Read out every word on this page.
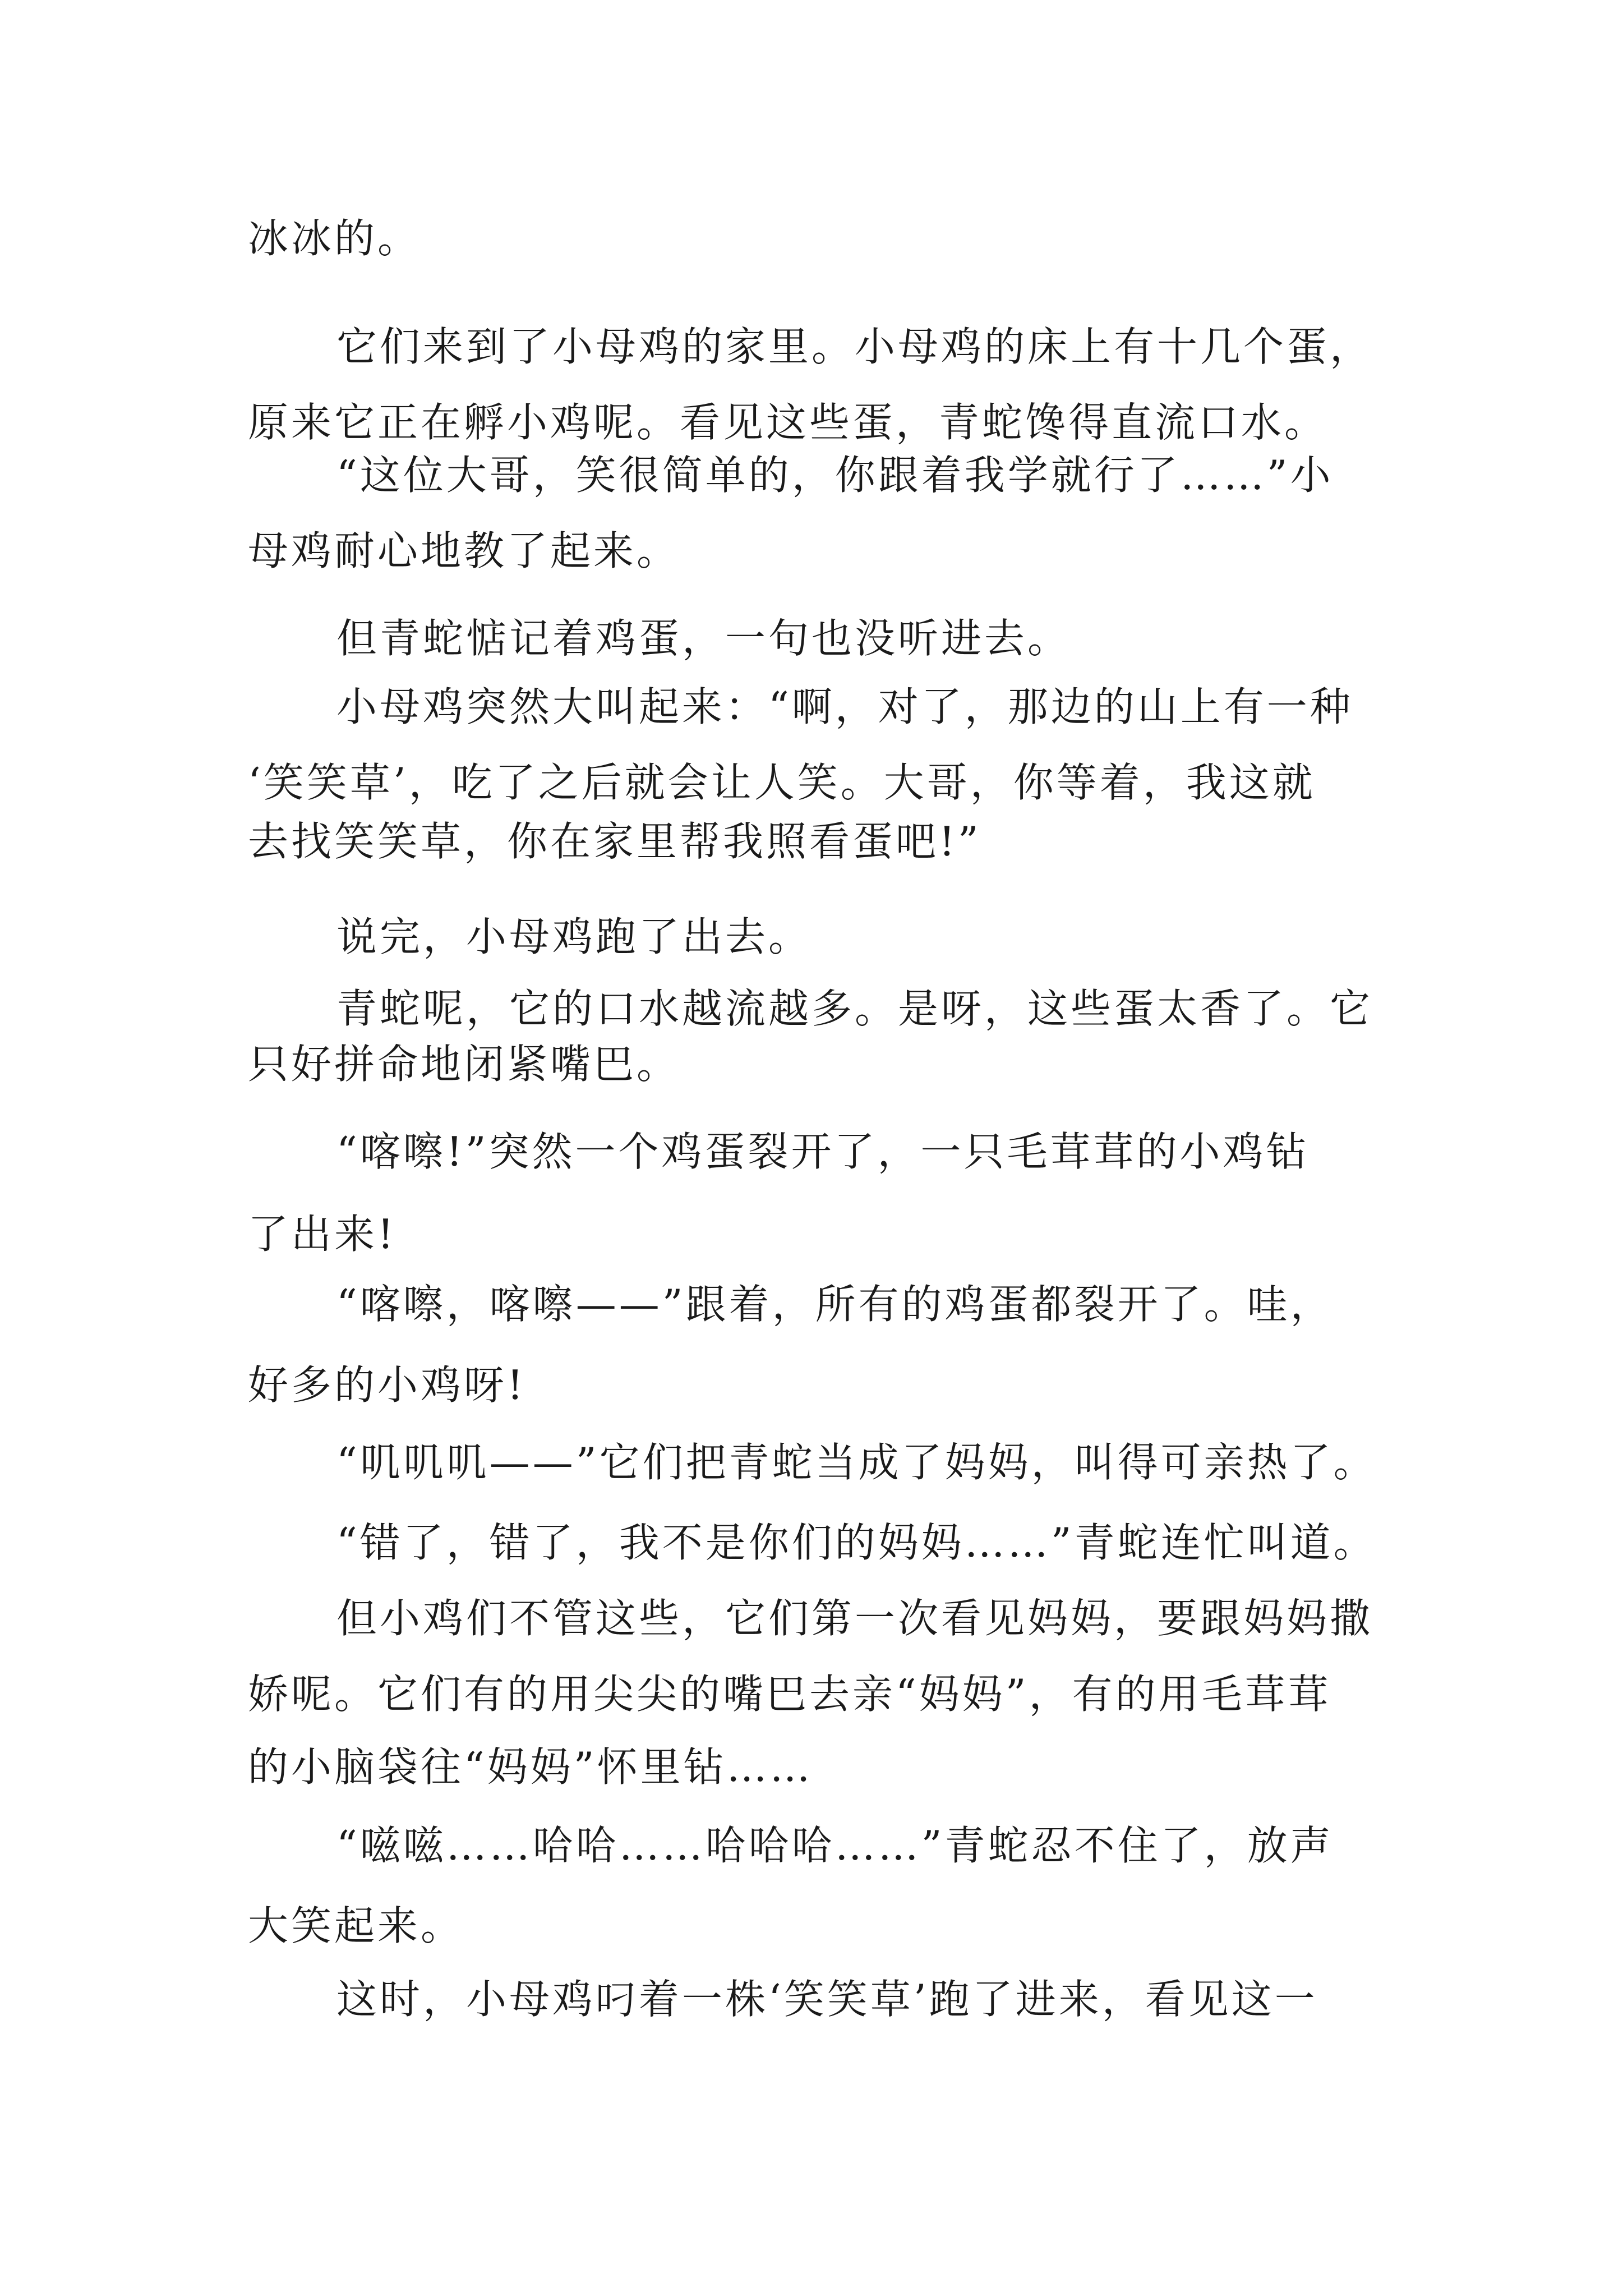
冰冰的。
它们来到了小母鸡的家里。小母鸡的床上有十几个蛋，
原来它正在孵小鸡呢。看见这些蛋，青蛇馋得直流口水。
“这位大哥，笑很简单的，你跟着我学就行了……”小
母鸡耐心地教了起来。
但青蛇惦记着鸡蛋，一句也没听进去。
小母鸡突然大叫起来：“啊，对了，那边的山上有一种
‘笑笑草’，吃了之后就会让人笑。大哥，你等着，我这就
去找笑笑草，你在家里帮我照看蛋吧!”
说完，小母鸡跑了出去。
青蛇呢，它的口水越流越多。是呀，这些蛋太香了。它
只好拼命地闭紧嘴巴。
“喀嚓!”突然一个鸡蛋裂开了，一只毛茸茸的小鸡钻
了出来!
“喀嚓，喀嚓——”跟着，所有的鸡蛋都裂开了。哇，
好多的小鸡呀!
“叽叽叽——”它们把青蛇当成了妈妈，叫得可亲热了。
“错了，错了，我不是你们的妈妈……”青蛇连忙叫道。
但小鸡们不管这些，它们第一次看见妈妈，要跟妈妈撒
娇呢。它们有的用尖尖的嘴巴去亲“妈妈”，有的用毛茸茸
的小脑袋往“妈妈”怀里钻……
“嗞嗞……哈哈……哈哈哈……”青蛇忍不住了，放声
大笑起来。
这时，小母鸡叼着一株‘笑笑草’跑了进来，看见这一
